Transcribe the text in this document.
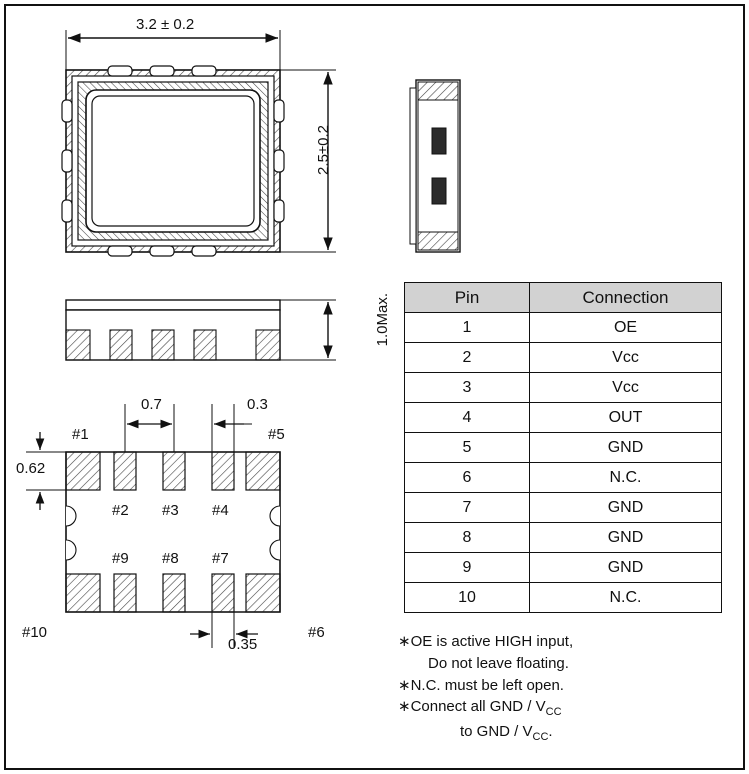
3.2 ± 0.2
2.5±0.2
1.0Max.
0.7	0.3
0.62
0.35
#1
#2 #3 #4
#5
#6
#7
#8
#9
#10
Pin	Connection
1	OE
2	Vcc
3	Vcc
4	OUT
5	GND
6	N.C.
7	GND
8	GND
9	GND
10	N.C.
∗OE is active HIGH input,
Do not leave floating.
∗N.C. must be left open.
∗Connect all GND / $V_{CC}$
to GND / $V_{CC}$.
